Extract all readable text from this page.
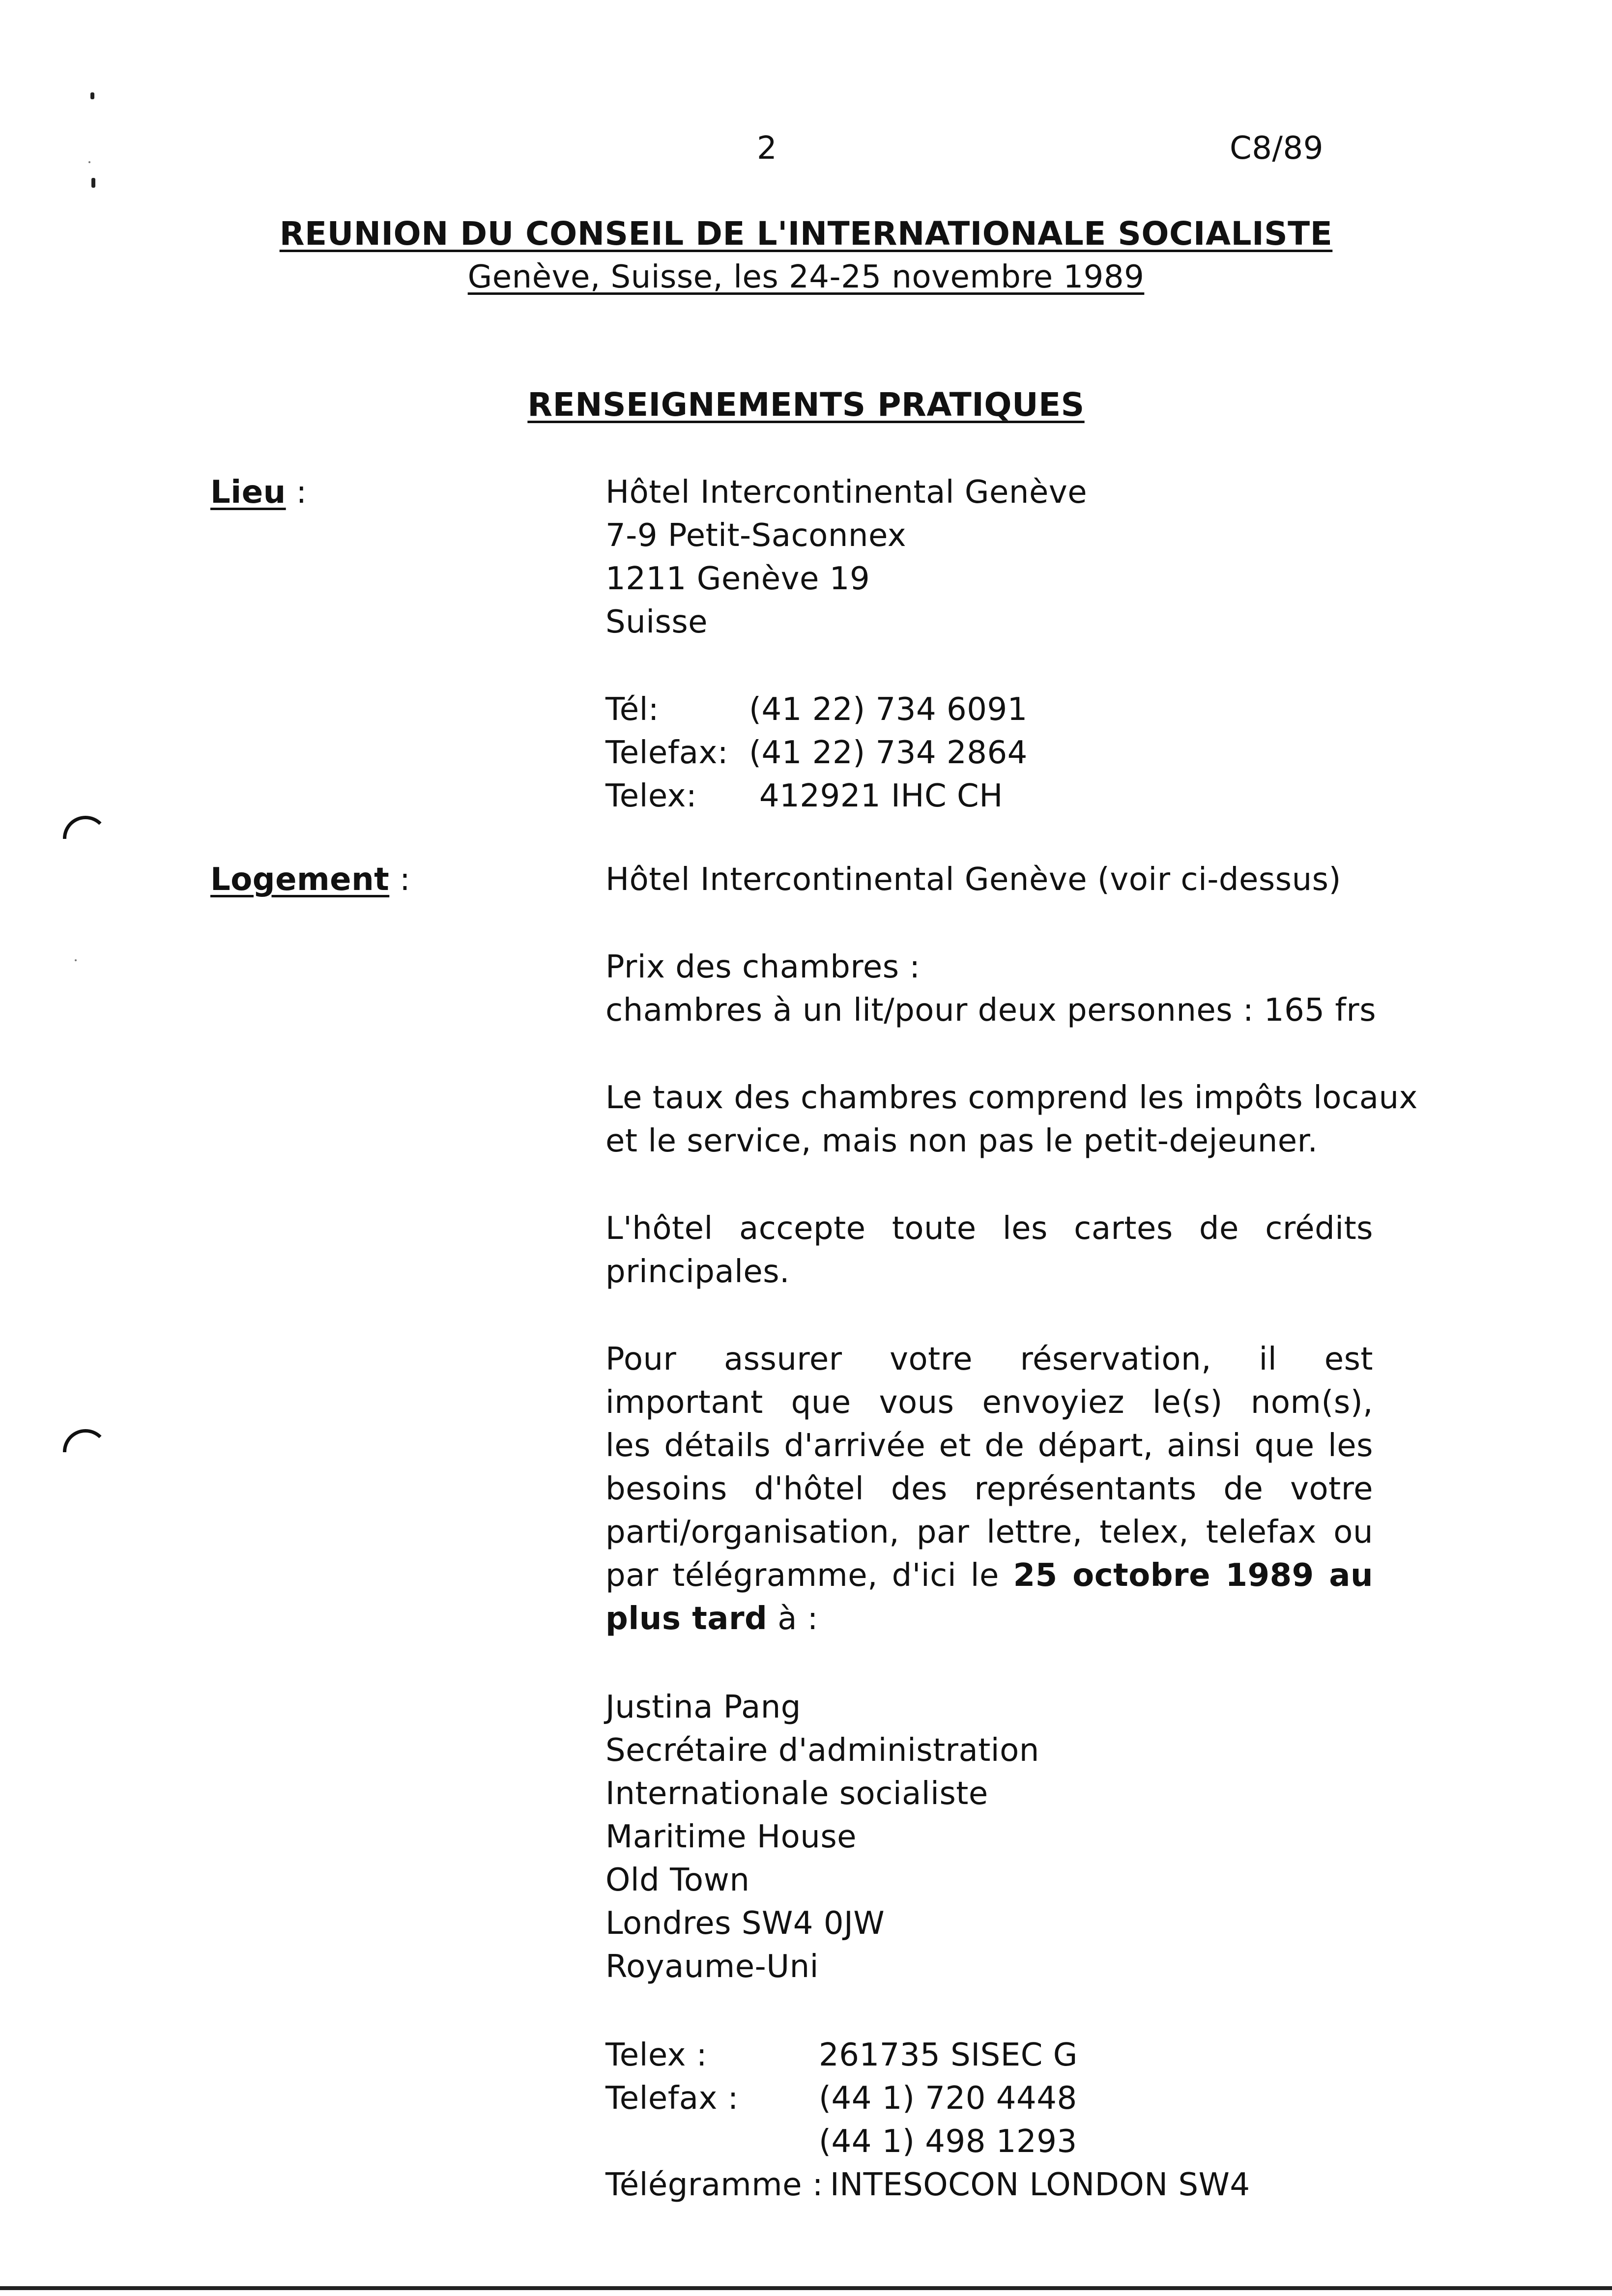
2	C8/89
REUNION DU CONSEIL DE L'INTERNATIONALE SOCIALISTE
Genève, Suisse, les 24-25 novembre 1989
RENSEIGNEMENTS PRATIQUES
Lieu :	Hôtel Intercontinental Genève
7-9 Petit-Saconnex
1211 Genève 19
Suisse
Tél:	(41 22) 734 6091
Telefax: (41 22) 734 2864
Telex:	412921 IHC CH
Logement :	Hôtel Intercontinental Genève (voir ci-dessus)
Prix des chambres :
chambres à un lit/pour deux personnes : 165 frs
Le taux des chambres comprend les impôts locaux
et le service, mais non pas le petit-dejeuner.
L'hôtel accepte toute les cartes de crédits
principales.
Pour assurer votre réservation, il est
important que vous envoyiez le(s) nom(s),
les détails d'arrivée et de départ, ainsi que les
besoins d'hôtel des représentants de votre
parti/organisation, par lettre, telex, telefax ou
par télégramme, d'ici le 25 octobre 1989 au
plus tard à :
Justina Pang
Secrétaire d'administration
Internationale socialiste
Maritime House
Old Town
Londres SW4 0JW
Royaume-Uni
Telex :	261735 SISEC G
Telefax :	(44 1) 720 4448
(44 1) 498 1293
Télégramme : INTESOCON LONDON SW4
